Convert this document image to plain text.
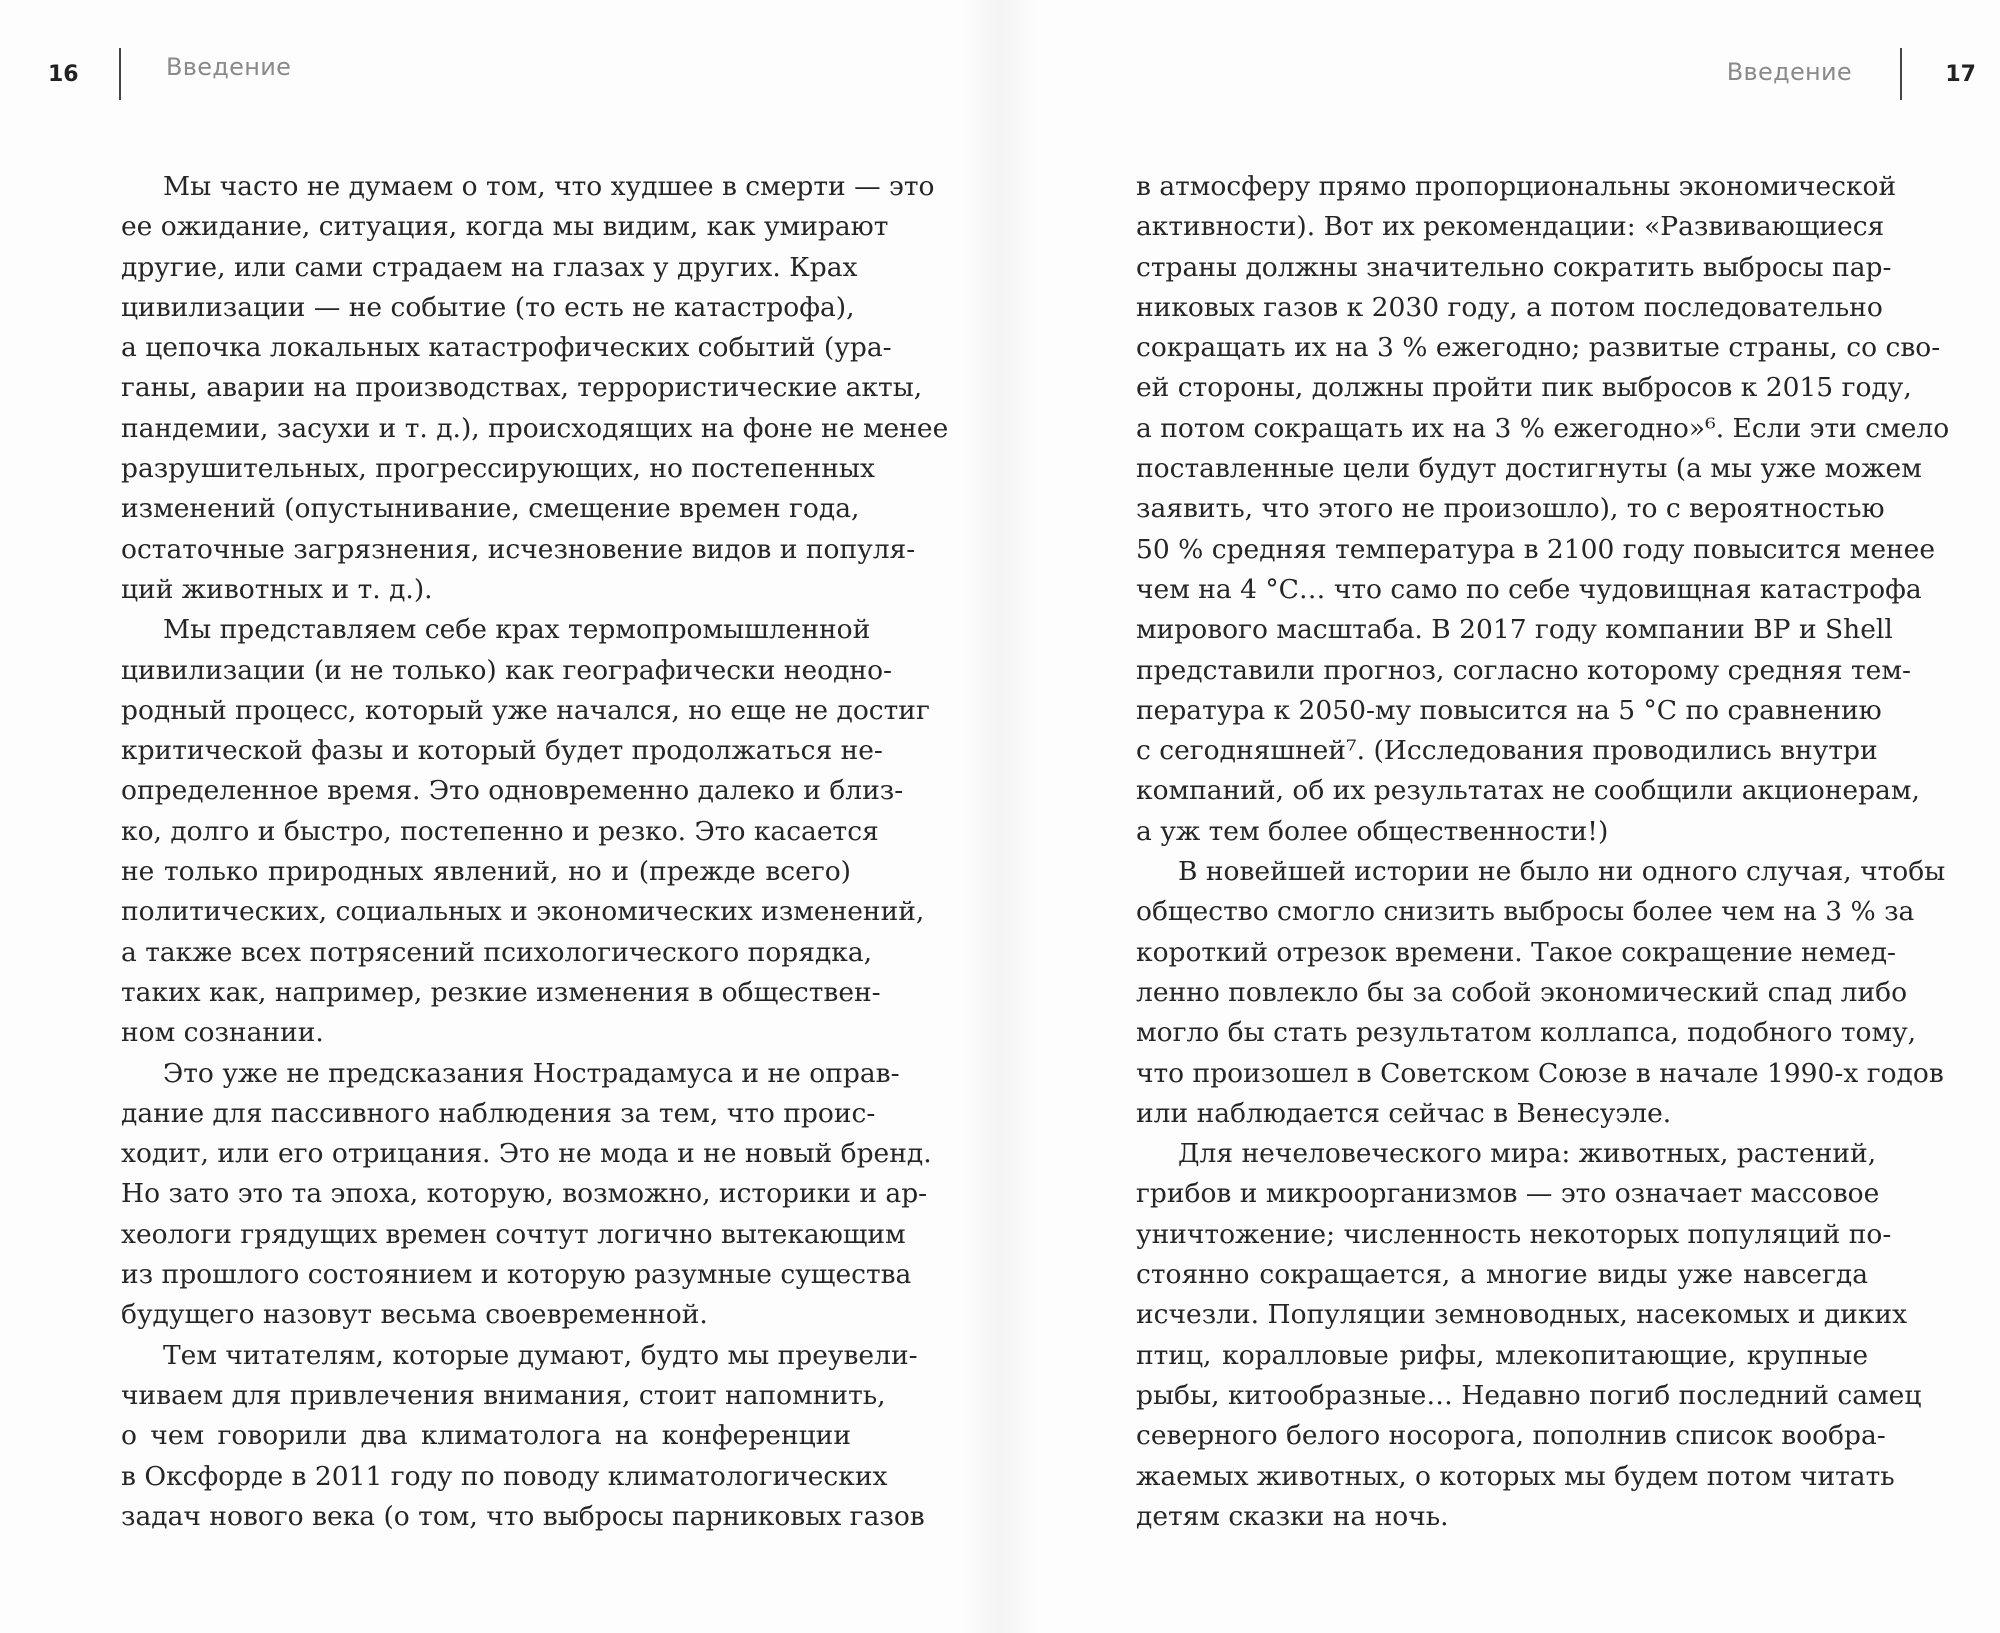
16	Введение
Мы часто не думаем о том, что худшее в смерти — это
ее ожидание, ситуация, когда мы видим, как умирают
другие, или сами страдаем на глазах у других. Крах
цивилизации — не событие (то есть не катастрофа),
а цепочка локальных катастрофических событий (ура-
ганы, аварии на производствах, террористические акты,
пандемии, засухи и т. д.), происходящих на фоне не менее
разрушительных, прогрессирующих, но постепенных
изменений (опустынивание, смещение времен года,
остаточные загрязнения, исчезновение видов и популя-
ций животных и т. д.).
Мы представляем себе крах термопромышленной
цивилизации (и не только) как географически неодно-
родный процесс, который уже начался, но еще не достиг
критической фазы и который будет продолжаться не-
определенное время. Это одновременно далеко и близ-
ко, долго и быстро, постепенно и резко. Это касается
не только природных явлений, но и (прежде всего)
политических, социальных и экономических изменений,
а также всех потрясений психологического порядка,
таких как, например, резкие изменения в обществен-
ном сознании.
Это уже не предсказания Нострадамуса и не оправ-
дание для пассивного наблюдения за тем, что проис-
ходит, или его отрицания. Это не мода и не новый бренд.
Но зато это та эпоха, которую, возможно, историки и ар-
хеологи грядущих времен сочтут логично вытекающим
из прошлого состоянием и которую разумные существа
будущего назовут весьма своевременной.
Тем читателям, которые думают, будто мы преувели-
чиваем для привлечения внимания, стоит напомнить,
о чем говорили два климатолога на конференции
в Оксфорде в 2011 году по поводу климатологических
задач нового века (о том, что выбросы парниковых газов
Введение	17
в атмосферу прямо пропорциональны экономической
активности). Вот их рекомендации: «Развивающиеся
страны должны значительно сократить выбросы пар-
никовых газов к 2030 году, а потом последовательно
сокращать их на 3 % ежегодно; развитые страны, со сво-
ей стороны, должны пройти пик выбросов к 2015 году,
а потом сокращать их на 3 % ежегодно»⁶. Если эти смело
поставленные цели будут достигнуты (а мы уже можем
заявить, что этого не произошло), то с вероятностью
50 % средняя температура в 2100 году повысится менее
чем на 4 °С… что само по себе чудовищная катастрофа
мирового масштаба. В 2017 году компании BP и Shell
представили прогноз, согласно которому средняя тем-
пература к 2050-му повысится на 5 °С по сравнению
с сегодняшней⁷. (Исследования проводились внутри
компаний, об их результатах не сообщили акционерам,
а уж тем более общественности!)
В новейшей истории не было ни одного случая, чтобы
общество смогло снизить выбросы более чем на 3 % за
короткий отрезок времени. Такое сокращение немед-
ленно повлекло бы за собой экономический спад либо
могло бы стать результатом коллапса, подобного тому,
что произошел в Советском Союзе в начале 1990-х годов
или наблюдается сейчас в Венесуэле.
Для нечеловеческого мира: животных, растений,
грибов и микроорганизмов — это означает массовое
уничтожение; численность некоторых популяций по-
стоянно сокращается, а многие виды уже навсегда
исчезли. Популяции земноводных, насекомых и диких
птиц, коралловые рифы, млекопитающие, крупные
рыбы, китообразные… Недавно погиб последний самец
северного белого носорога, пополнив список вообра-
жаемых животных, о которых мы будем потом читать
детям сказки на ночь.
